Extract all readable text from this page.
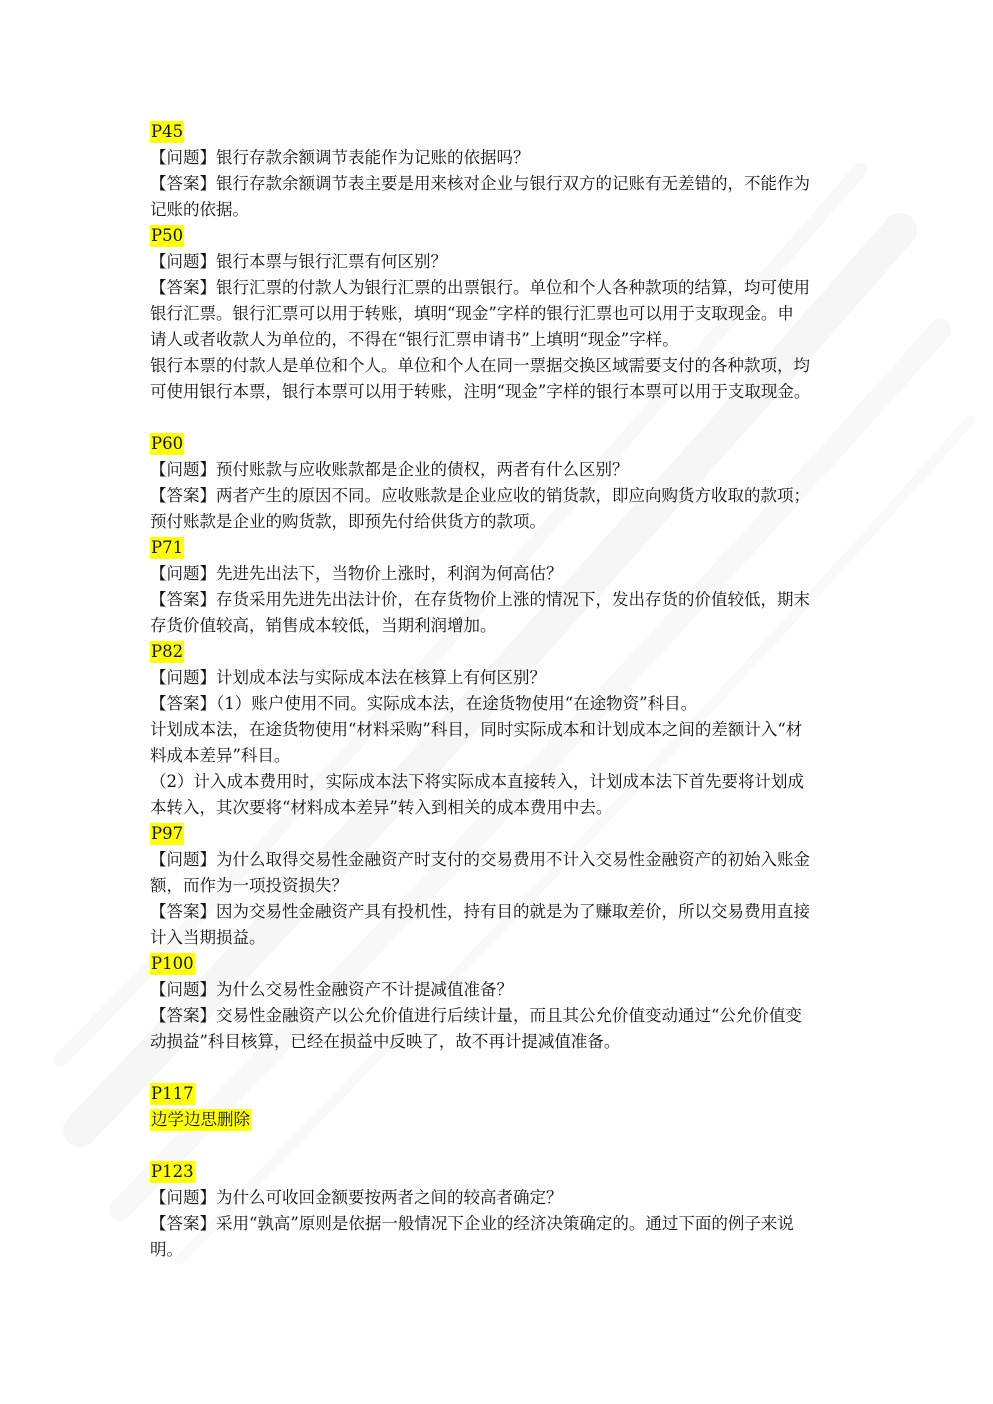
P45
【问题】银行存款余额调节表能作为记账的依据吗？
【答案】银行存款余额调节表主要是用来核对企业与银行双方的记账有无差错的，不能作为
记账的依据。
P50
【问题】银行本票与银行汇票有何区别？
【答案】银行汇票的付款人为银行汇票的出票银行。单位和个人各种款项的结算，均可使用
银行汇票。银行汇票可以用于转账，填明“现金”字样的银行汇票也可以用于支取现金。申
请人或者收款人为单位的，不得在“银行汇票申请书”上填明“现金”字样。
银行本票的付款人是单位和个人。单位和个人在同一票据交换区域需要支付的各种款项，均
可使用银行本票，银行本票可以用于转账，注明“现金”字样的银行本票可以用于支取现金。
P60
【问题】预付账款与应收账款都是企业的债权，两者有什么区别？
【答案】两者产生的原因不同。应收账款是企业应收的销货款，即应向购货方收取的款项；
预付账款是企业的购货款，即预先付给供货方的款项。
P71
【问题】先进先出法下，当物价上涨时，利润为何高估？
【答案】存货采用先进先出法计价，在存货物价上涨的情况下，发出存货的价值较低，期末
存货价值较高，销售成本较低，当期利润增加。
P82
【问题】计划成本法与实际成本法在核算上有何区别？
【答案】（1）账户使用不同。实际成本法，在途货物使用“在途物资”科目。
计划成本法，在途货物使用“材料采购”科目，同时实际成本和计划成本之间的差额计入“材
料成本差异”科目。
（2）计入成本费用时，实际成本法下将实际成本直接转入，计划成本法下首先要将计划成
本转入，其次要将“材料成本差异”转入到相关的成本费用中去。
P97
【问题】为什么取得交易性金融资产时支付的交易费用不计入交易性金融资产的初始入账金
额，而作为一项投资损失？
【答案】因为交易性金融资产具有投机性，持有目的就是为了赚取差价，所以交易费用直接
计入当期损益。
P100
【问题】为什么交易性金融资产不计提减值准备？
【答案】交易性金融资产以公允价值进行后续计量，而且其公允价值变动通过“公允价值变
动损益”科目核算，已经在损益中反映了，故不再计提减值准备。
P117
边学边思删除
P123
【问题】为什么可收回金额要按两者之间的较高者确定？
【答案】采用“孰高”原则是依据一般情况下企业的经济决策确定的。通过下面的例子来说
明。
